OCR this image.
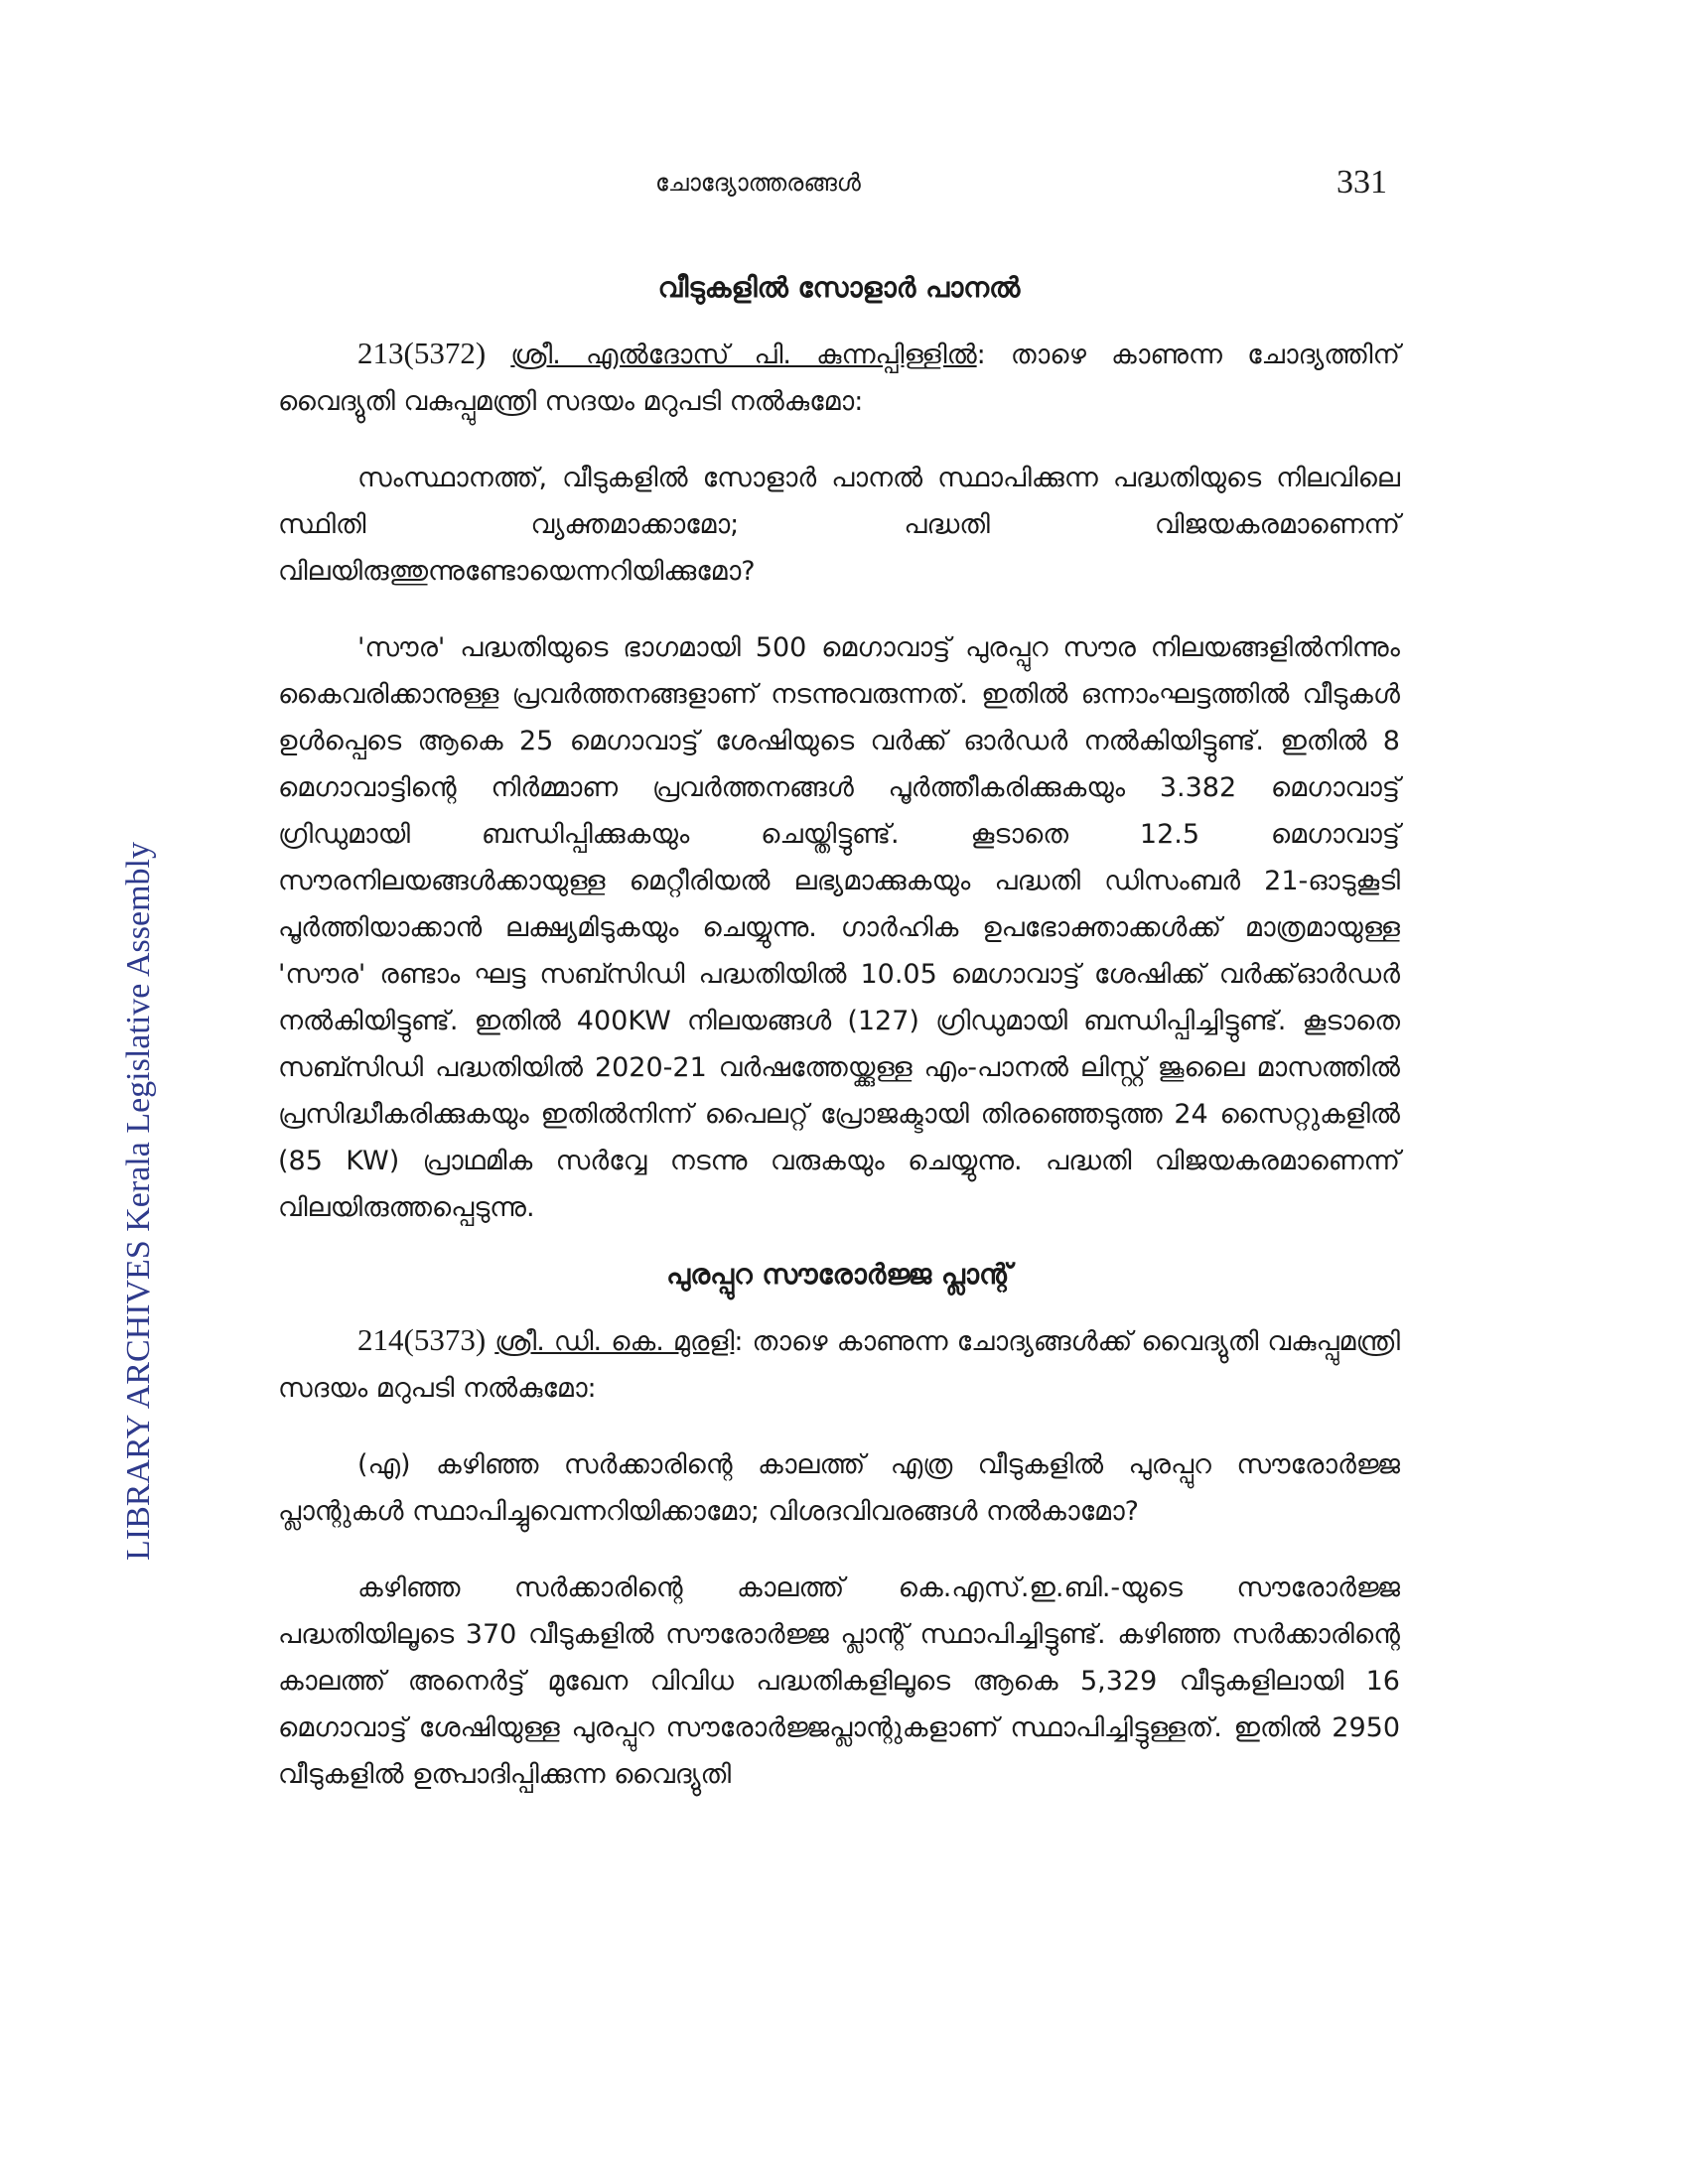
ചോദ്യോത്തരങ്ങൾ	331
LIBRARY ARCHIVES Kerala Legislative Assembly
വീടുകളിൽ സോളാർ പാനൽ

213(5372) ശ്രീ. എൽദോസ് പി. കുന്നപ്പിള്ളിൽ: താഴെ കാണുന്ന ചോദ്യത്തിന് വൈദ്യുതി വകുപ്പുമന്ത്രി സദയം മറുപടി നൽകുമോ:

സംസ്ഥാനത്ത്, വീടുകളിൽ സോളാർ പാനൽ സ്ഥാപിക്കുന്ന പദ്ധതിയുടെ നിലവിലെ സ്ഥിതി വ്യക്തമാക്കാമോ; പദ്ധതി വിജയകരമാണെന്ന് വിലയിരുത്തുന്നുണ്ടോയെന്നറിയിക്കുമോ?

'സൗര' പദ്ധതിയുടെ ഭാഗമായി 500 മെഗാവാട്ട് പുരപ്പുറ സൗര നിലയങ്ങളിൽനിന്നും കൈവരിക്കാനുള്ള പ്രവർത്തനങ്ങളാണ് നടന്നുവരുന്നത്. ഇതിൽ ഒന്നാംഘട്ടത്തിൽ വീടുകൾ ഉൾപ്പെടെ ആകെ 25 മെഗാവാട്ട് ശേഷിയുടെ വർക്ക് ഓർഡർ നൽകിയിട്ടുണ്ട്. ഇതിൽ 8 മെഗാവാട്ടിന്റെ നിർമ്മാണ പ്രവർത്തനങ്ങൾ പൂർത്തീകരിക്കുകയും 3.382 മെഗാവാട്ട് ഗ്രിഡുമായി ബന്ധിപ്പിക്കുകയും ചെയ്തിട്ടുണ്ട്. കൂടാതെ 12.5 മെഗാവാട്ട് സൗരനിലയങ്ങൾക്കായുള്ള മെറ്റീരിയൽ ലഭ്യമാക്കുകയും പദ്ധതി ഡിസംബർ 21-ഓടുകൂടി പൂർത്തിയാക്കാൻ ലക്ഷ്യമിടുകയും ചെയ്യുന്നു. ഗാർഹിക ഉപഭോക്താക്കൾക്ക് മാത്രമായുള്ള 'സൗര' രണ്ടാം ഘട്ട സബ്സിഡി പദ്ധതിയിൽ 10.05 മെഗാവാട്ട് ശേഷിക്ക് വർക്ക്ഓർഡർ നൽകിയിട്ടുണ്ട്. ഇതിൽ 400KW നിലയങ്ങൾ (127) ഗ്രിഡുമായി ബന്ധിപ്പിച്ചിട്ടുണ്ട്. കൂടാതെ സബ്സിഡി പദ്ധതിയിൽ 2020-21 വർഷത്തേയ്ക്കുള്ള എം-പാനൽ ലിസ്റ്റ് ജൂലൈ മാസത്തിൽ പ്രസിദ്ധീകരിക്കുകയും ഇതിൽനിന്ന് പൈലറ്റ് പ്രോജക്ടായി തിരഞ്ഞെടുത്ത 24 സൈറ്റുകളിൽ (85 KW) പ്രാഥമിക സർവ്വേ നടന്നു വരുകയും ചെയ്യുന്നു. പദ്ധതി വിജയകരമാണെന്ന് വിലയിരുത്തപ്പെടുന്നു.

പുരപ്പുറ സൗരോർജ്ജ പ്ലാന്റ്

214(5373) ശ്രീ. ഡി. കെ. മുരളി: താഴെ കാണുന്ന ചോദ്യങ്ങൾക്ക് വൈദ്യുതി വകുപ്പുമന്ത്രി സദയം മറുപടി നൽകുമോ:

(എ) കഴിഞ്ഞ സർക്കാരിന്റെ കാലത്ത് എത്ര വീടുകളിൽ പുരപ്പുറ സൗരോർജ്ജ പ്ലാന്റുകൾ സ്ഥാപിച്ചുവെന്നറിയിക്കാമോ; വിശദവിവരങ്ങൾ നൽകാമോ?

കഴിഞ്ഞ സർക്കാരിന്റെ കാലത്ത് കെ.എസ്.ഇ.ബി.-യുടെ സൗരോർജ്ജ പദ്ധതിയിലൂടെ 370 വീടുകളിൽ സൗരോർജ്ജ പ്ലാന്റ് സ്ഥാപിച്ചിട്ടുണ്ട്. കഴിഞ്ഞ സർക്കാരിന്റെ കാലത്ത് അനെർട്ട് മുഖേന വിവിധ പദ്ധതികളിലൂടെ ആകെ 5,329 വീടുകളിലായി 16 മെഗാവാട്ട് ശേഷിയുള്ള പുരപ്പുറ സൗരോർജ്ജപ്ലാന്റുകളാണ് സ്ഥാപിച്ചിട്ടുള്ളത്. ഇതിൽ 2950 വീടുകളിൽ ഉത്പാദിപ്പിക്കുന്ന വൈദ്യുതി
